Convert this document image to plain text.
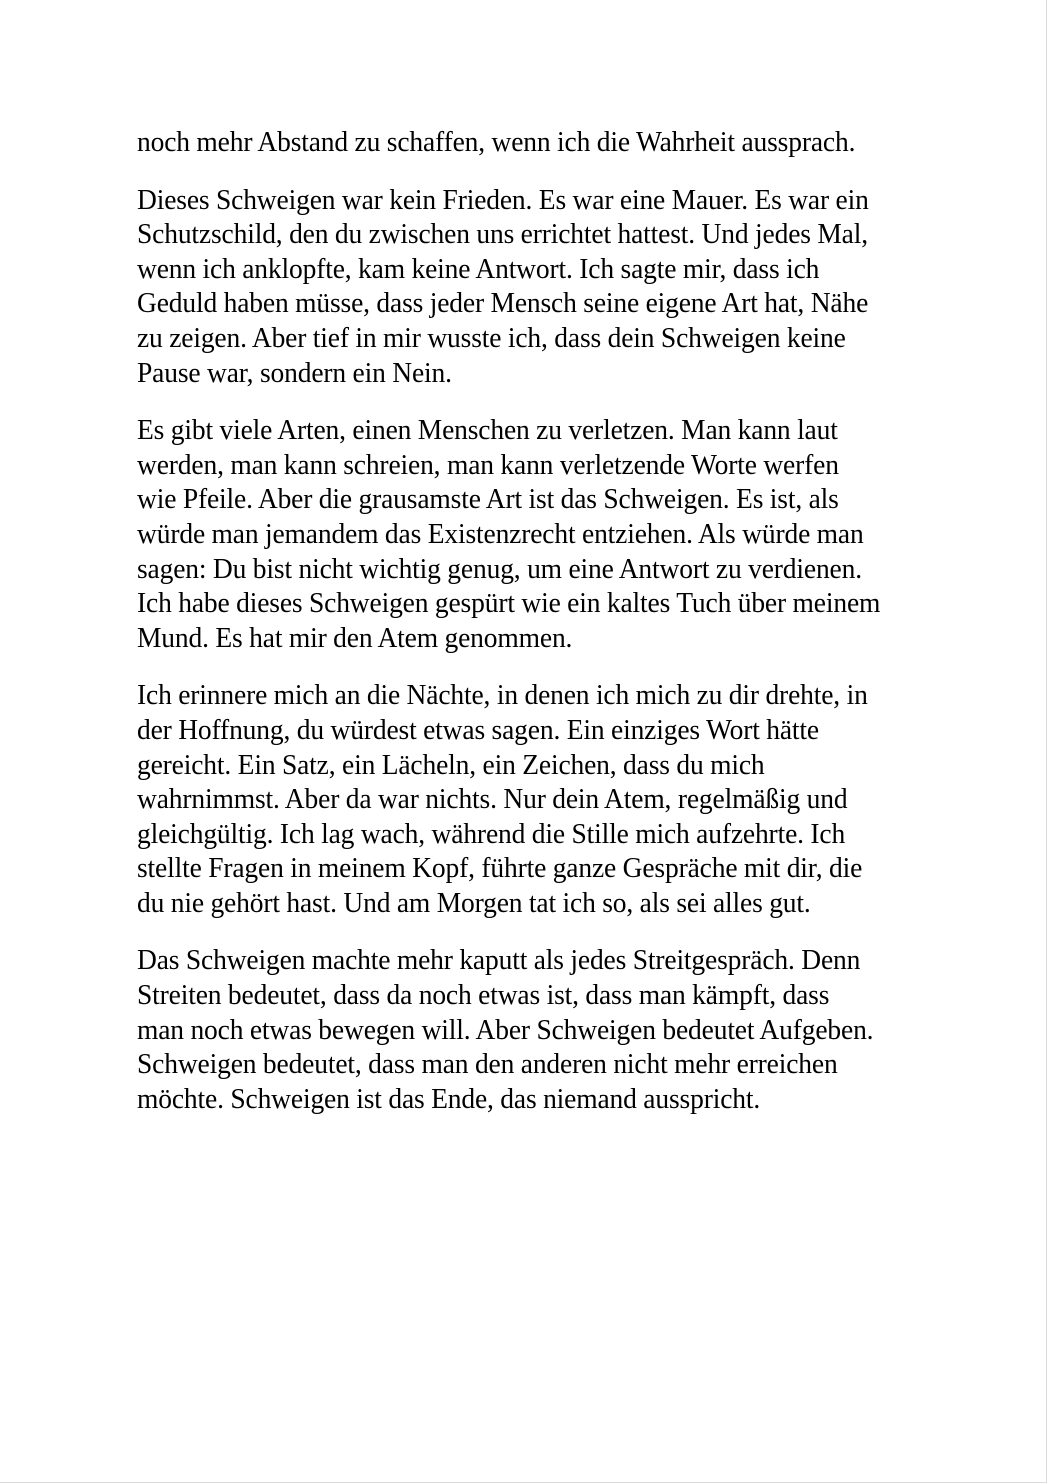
noch mehr Abstand zu schaffen, wenn ich die Wahrheit aussprach.

Dieses Schweigen war kein Frieden. Es war eine Mauer. Es war ein Schutzschild, den du zwischen uns errichtet hattest. Und jedes Mal, wenn ich anklopfte, kam keine Antwort. Ich sagte mir, dass ich Geduld haben müsse, dass jeder Mensch seine eigene Art hat, Nähe zu zeigen. Aber tief in mir wusste ich, dass dein Schweigen keine Pause war, sondern ein Nein.

Es gibt viele Arten, einen Menschen zu verletzen. Man kann laut werden, man kann schreien, man kann verletzende Worte werfen wie Pfeile. Aber die grausamste Art ist das Schweigen. Es ist, als würde man jemandem das Existenzrecht entziehen. Als würde man sagen: Du bist nicht wichtig genug, um eine Antwort zu verdienen. Ich habe dieses Schweigen gespürt wie ein kaltes Tuch über meinem Mund. Es hat mir den Atem genommen.

Ich erinnere mich an die Nächte, in denen ich mich zu dir drehte, in der Hoffnung, du würdest etwas sagen. Ein einziges Wort hätte gereicht. Ein Satz, ein Lächeln, ein Zeichen, dass du mich wahrnimmst. Aber da war nichts. Nur dein Atem, regelmäßig und gleichgültig. Ich lag wach, während die Stille mich aufzehrte. Ich stellte Fragen in meinem Kopf, führte ganze Gespräche mit dir, die du nie gehört hast. Und am Morgen tat ich so, als sei alles gut.

Das Schweigen machte mehr kaputt als jedes Streitgespräch. Denn Streiten bedeutet, dass da noch etwas ist, dass man kämpft, dass man noch etwas bewegen will. Aber Schweigen bedeutet Aufgeben. Schweigen bedeutet, dass man den anderen nicht mehr erreichen möchte. Schweigen ist das Ende, das niemand ausspricht.
